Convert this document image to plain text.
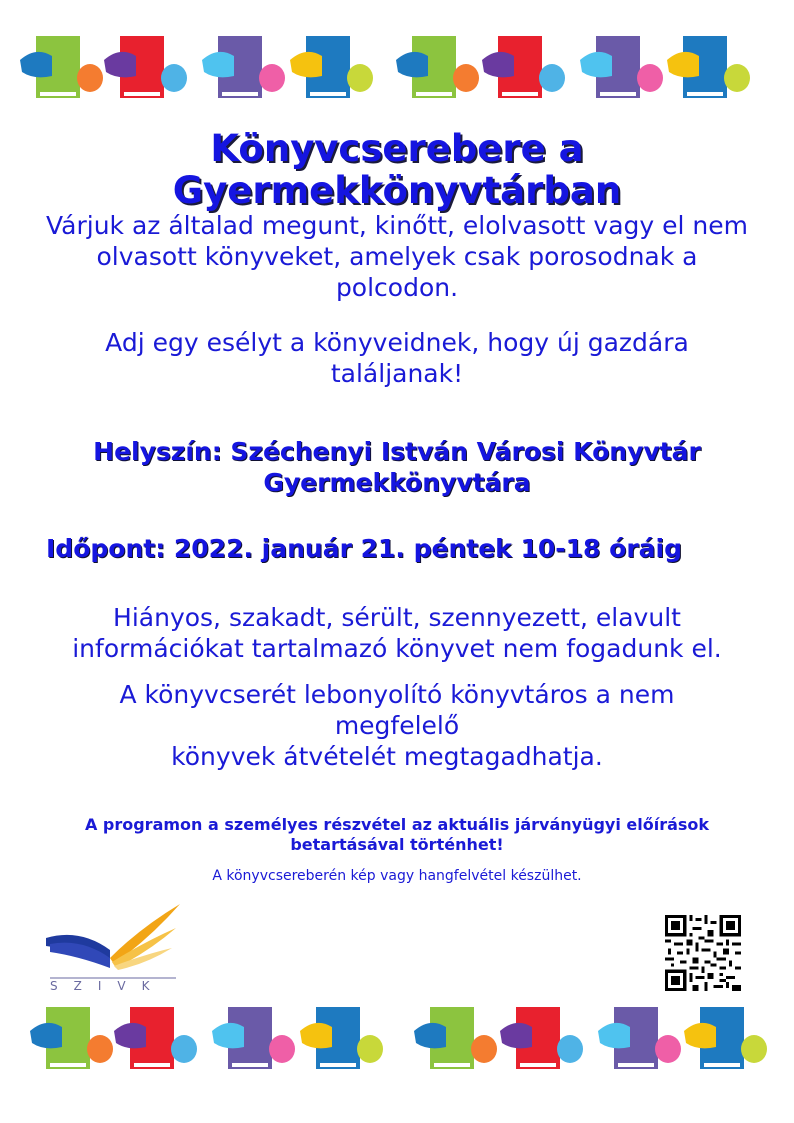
Könyvcserebere a Gyermekkönyvtárban
Várjuk az általad megunt, kinőtt, elolvasott vagy el nem olvasott könyveket, amelyek csak porosodnak a polcodon.
Adj egy esélyt a könyveidnek, hogy új gazdára találjanak!
Helyszín: Széchenyi István Városi Könyvtár Gyermekkönyvtára
Időpont: 2022. január 21. péntek 10-18 óráig
Hiányos, szakadt, sérült, szennyezett, elavult információkat tartalmazó könyvet nem fogadunk el.
A könyvcserét lebonyolító könyvtáros a nem megfelelő
könyvek átvételét megtagadhatja.
A programon a személyes részvétel az aktuális járványügyi előírások betartásával történhet!
A könyvcsereberén kép vagy hangfelvétel készülhet.
SZIVK
